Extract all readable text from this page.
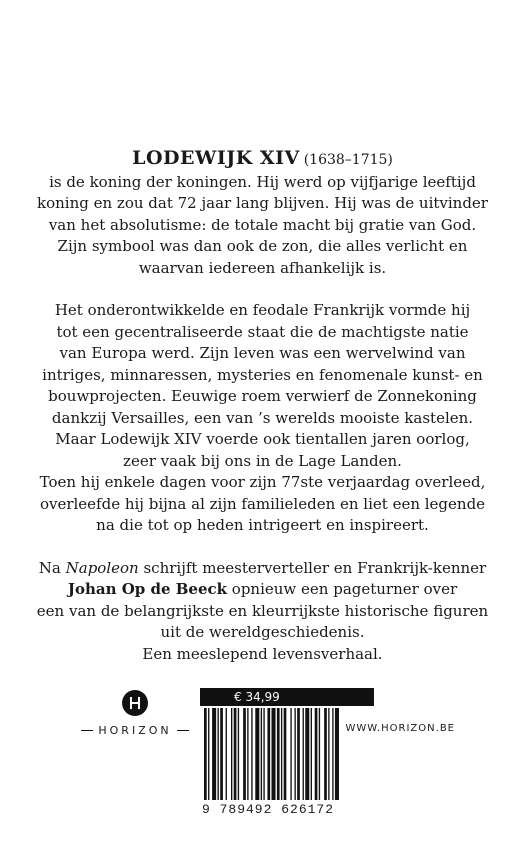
LODEWIJK XIV (1638–1715)

is de koning der koningen. Hij werd op vijfjarige leeftijd
koning en zou dat 72 jaar lang blijven. Hij was de uitvinder
van het absolutisme: de totale macht bij gratie van God.
Zijn symbool was dan ook de zon, die alles verlicht en
waarvan iedereen afhankelijk is.

Het onderontwikkelde en feodale Frankrijk vormde hij
tot een gecentraliseerde staat die de machtigste natie
van Europa werd. Zijn leven was een wervelwind van
intriges, minnaressen, mysteries en fenomenale kunst- en
bouwprojecten. Eeuwige roem verwierf de Zonnekoning
dankzij Versailles, een van ’s werelds mooiste kastelen.
Maar Lodewijk XIV voerde ook tientallen jaren oorlog,
zeer vaak bij ons in de Lage Landen.
Toen hij enkele dagen voor zijn 77ste verjaardag overleed,
overleefde hij bijna al zijn familieleden en liet een legende
na die tot op heden intrigeert en inspireert.

Na Napoleon schrijft meesterverteller en Frankrijk-kenner
Johan Op de Beeck opnieuw een pageturner over
een van de belangrijkste en kleurrijkste historische figuren
uit de wereldgeschiedenis.
Een meeslepend levensverhaal.

HORIZON
€ 34,99
9 789492 626172
WWW.HORIZON.BE
